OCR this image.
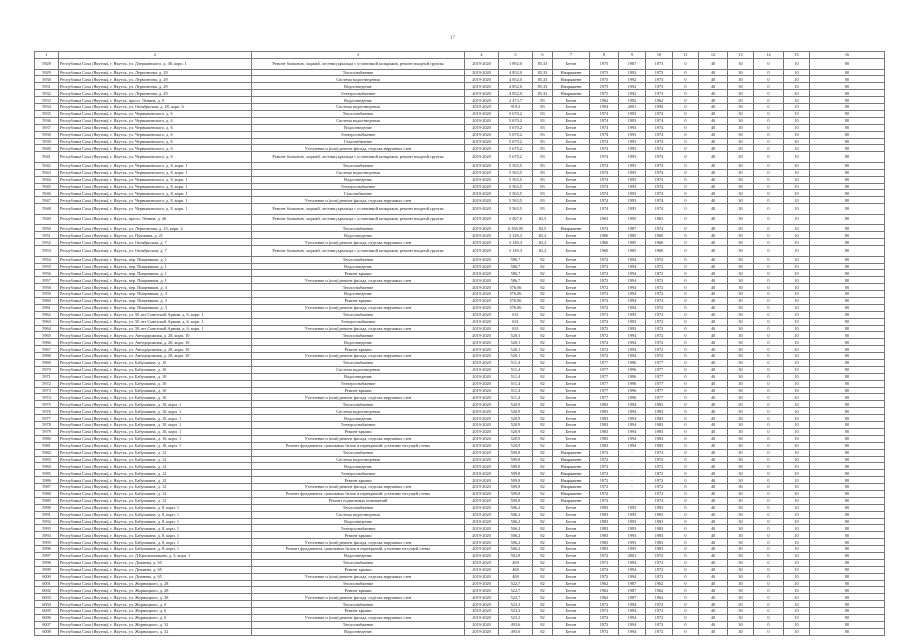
17
1	2	3	4	5	6	7	8	9	10	11	12	13	14	15	16
5928	Республика Саха (Якутия), г. Якутск, ул. Дзержинского, д. 48, корп. 1	Ремонт балконов, лоджий, лестниц крыльца с установкой козырьков, ремонт входной группы	2019-2020	1 892,0	85,33	Бетон	1975	1987	1973	0	40	30	0	10	80
5929	Республика Саха (Якутия), г. Якутск, ул. Лермонтова, д. 29	Теплоснабжение	2019-2020	4 852,0	85,33	Напряженн	1975	1992	1973	0	40	30	0	10	80
5930	Республика Саха (Якутия), г. Якутск, ул. Лермонтова, д. 29	Система водоотведения	2019-2020	4 852,0	85,33	Напряженн	1975	1992	1973	0	40	30	0	10	80
5931	Республика Саха (Якутия), г. Якутск, ул. Лермонтова, д. 29	Водоотведение	2019-2020	4 852,0	85,33	Напряженн	1975	1992	1973	0	40	30	0	10	80
5932	Республика Саха (Якутия), г. Якутск, ул. Лермонтова, д. 29	Электроснабжение	2019-2020	4 852,0	85,33	Напряженн	1975	1992	1973	0	40	30	0	10	80
5933	Республика Саха (Якутия), г. Якутск, просп. Ленина, д. 9	Водоотведение	2019-2020	2 473,7	83	Бетон	1962	1992	1962	0	40	30	0	10	80
5934	Республика Саха (Якутия), г. Якутск, ул. Октябрьская, д. 28, корп. 6	Система водоотведения	2019-2020	919,3	83	Бетон	1994	2001	1994	0	40	30	0	10	80
5935	Республика Саха (Якутия), г. Якутск, ул. Чернышевского, д. 6	Теплоснабжение	2019-2020	5 670,2	83	Бетон	1974	1993	1974	0	40	30	0	10	80
5936	Республика Саха (Якутия), г. Якутск, ул. Чернышевского, д. 6	Система водоотведения	2019-2020	5 670,2	83	Бетон	1974	1993	1974	0	40	30	0	10	80
5937	Республика Саха (Якутия), г. Якутск, ул. Чернышевского, д. 6	Водоотведение	2019-2020	5 670,2	83	Бетон	1974	1993	1974	0	40	30	0	10	80
5938	Республика Саха (Якутия), г. Якутск, ул. Чернышевского, д. 6	Электроснабжение	2019-2020	5 670,2	83	Бетон	1974	1993	1974	0	40	30	0	10	80
5939	Республика Саха (Якутия), г. Якутск, ул. Чернышевского, д. 6	Газоснабжение	2019-2020	5 670,2	83	Бетон	1974	1993	1974	0	40	30	0	10	80
5940	Республика Саха (Якутия), г. Якутск, ул. Чернышевского, д. 6	Утепление и (или) ремонт фасада, отделка наружных стен	2019-2020	5 670,2	83	Бетон	1974	1993	1974	0	40	30	0	10	80
5941	Республика Саха (Якутия), г. Якутск, ул. Чернышевского, д. 6	Ремонт балконов, лоджий, лестниц крыльца с установкой козырьков, ремонт входной группы	2019-2020	5 670,2	83	Бетон	1974	1993	1974	0	40	30	0	10	80
5942	Республика Саха (Якутия), г. Якутск, ул. Чернышевского, д. 8, корп. 1	Теплоснабжение	2019-2020	5 563,5	83	Бетон	1974	1993	1974	0	40	30	0	10	80
5943	Республика Саха (Якутия), г. Якутск, ул. Чернышевского, д. 8, корп. 1	Система водоотведения	2019-2020	5 563,5	83	Бетон	1974	1993	1974	0	40	30	0	10	80
5944	Республика Саха (Якутия), г. Якутск, ул. Чернышевского, д. 8, корп. 1	Водоотведение	2019-2020	5 563,5	83	Бетон	1974	1993	1974	0	40	30	0	10	80
5945	Республика Саха (Якутия), г. Якутск, ул. Чернышевского, д. 8, корп. 1	Электроснабжение	2019-2020	5 563,5	83	Бетон	1974	1993	1974	0	40	30	0	10	80
5946	Республика Саха (Якутия), г. Якутск, ул. Чернышевского, д. 8, корп. 1	Газоснабжение	2019-2020	5 563,5	83	Бетон	1974	1993	1974	0	40	30	0	10	80
5947	Республика Саха (Якутия), г. Якутск, ул. Чернышевского, д. 8, корп. 1	Утепление и (или) ремонт фасада, отделка наружных стен	2019-2020	5 563,5	83	Бетон	1974	1993	1974	0	40	30	0	10	80
5948	Республика Саха (Якутия), г. Якутск, ул. Чернышевского, д. 8, корп. 1	Ремонт балконов, лоджий, лестниц крыльца с установкой козырьков, ремонт входной группы	2019-2020	5 563,5	83	Бетон	1974	1993	1974	0	40	30	0	10	80
5949	Республика Саха (Якутия), г. Якутск, просп. Ленина, д. 46	Ремонт балконов, лоджий, лестниц крыльца с установкой козырьков, ремонт входной группы	2019-2020	3 467,6	82,5	Бетон	1963	1995	1963	0	40	30	0	10	80
5950	Республика Саха (Якутия), г. Якутск, ул. Лермонтова, д. 23, корп. 2	Теплоснабжение	2019-2020	6 356,95	82,5	Напряженн	1974	1987	1974	0	40	30	0	10	80
5951	Республика Саха (Якутия), г. Якутск, ул. Пушкина, д. 21	Водоотведение	2019-2020	3 149,3	82,2	Бетон	1960	1985	1960	0	40	30	0	10	80
5952	Республика Саха (Якутия), г. Якутск, ул. Октябрьская, д. 7	Утепление и (или) ремонт фасада, отделка наружных стен	2019-2020	3 149,3	82,2	Бетон	1960	1985	1960	0	40	30	0	10	80
5953	Республика Саха (Якутия), г. Якутск, ул. Октябрьская, д. 7	Ремонт балконов, лоджий, лестниц крыльца с установкой козырьков, ремонт входной группы	2019-2020	3 149,3	82,2	Бетон	1960	1985	1960	0	40	30	0	10	80
5954	Республика Саха (Якутия), г. Якутск, пер. Пищевиков, д. 1	Теплоснабжение	2019-2020	586,7	82	Бетон	1972	1994	1972	0	40	30	0	10	80
5955	Республика Саха (Якутия), г. Якутск, пер. Пищевиков, д. 1	Водоотведение	2019-2020	586,7	82	Бетон	1972	1994	1972	0	40	30	0	10	80
5956	Республика Саха (Якутия), г. Якутск, пер. Пищевиков, д. 1	Ремонт крыши	2019-2020	586,7	82	Бетон	1972	1994	1972	0	40	30	0	10	80
5957	Республика Саха (Якутия), г. Якутск, пер. Пищевиков, д. 1	Утепление и (или) ремонт фасада, отделка наружных стен	2019-2020	586,7	82	Бетон	1972	1994	1972	0	40	30	0	10	80
5958	Республика Саха (Якутия), г. Якутск, пер. Пищевиков, д. 3	Теплоснабжение	2019-2020	576,06	82	Бетон	1972	1994	1972	0	40	30	0	10	80
5959	Республика Саха (Якутия), г. Якутск, пер. Пищевиков, д. 3	Водоотведение	2019-2020	576,06	82	Бетон	1972	1994	1972	0	40	30	0	10	80
5960	Республика Саха (Якутия), г. Якутск, пер. Пищевиков, д. 3	Ремонт крыши	2019-2020	576,06	82	Бетон	1972	1994	1972	0	40	30	0	10	80
5961	Республика Саха (Якутия), г. Якутск, пер. Пищевиков, д. 3	Утепление и (или) ремонт фасада, отделка наружных стен	2019-2020	576,06	82	Бетон	1972	1994	1972	0	40	30	0	10	80
5962	Республика Саха (Якутия), г. Якутск, ул. 50 лет Советской Армии, д. 6, корп. 1	Теплоснабжение	2019-2020	631	82	Бетон	1972	1993	1972	0	40	30	0	10	80
5963	Республика Саха (Якутия), г. Якутск, ул. 50 лет Советской Армии, д. 6, корп. 1	Электроснабжение	2019-2020	631	82	Бетон	1972	1993	1972	0	40	30	0	10	80
5964	Республика Саха (Якутия), г. Якутск, ул. 50 лет Советской Армии, д. 6, корп. 1	Утепление и (или) ремонт фасада, отделка наружных стен	2019-2020	631	82	Бетон	1972	1993	1972	0	40	30	0	10	80
5965	Республика Саха (Якутия), г. Якутск, ул. Автодорожная, д. 28, корп. 10	Теплоснабжение	2019-2020	520,1	82	Бетон	1972	1994	1972	0	40	30	0	10	80
5966	Республика Саха (Якутия), г. Якутск, ул. Автодорожная, д. 28, корп. 10	Водоотведение	2019-2020	520,1	82	Бетон	1972	1994	1972	0	40	30	0	10	80
5967	Республика Саха (Якутия), г. Якутск, ул. Автодорожная, д. 28, корп. 10	Ремонт крыши	2019-2020	520,1	82	Бетон	1972	1994	1972	0	40	30	0	10	80
5968	Республика Саха (Якутия), г. Якутск, ул. Автодорожная, д. 28, корп. 10	Утепление и (или) ремонт фасада, отделка наружных стен	2019-2020	520,1	82	Бетон	1972	1994	1972	0	40	30	0	10	80
5969	Республика Саха (Якутия), г. Якутск, ул. Бабушкина, д. 10	Теплоснабжение	2019-2020	511,4	82	Бетон	1977	1996	1977	0	40	30	0	10	80
5970	Республика Саха (Якутия), г. Якутск, ул. Бабушкина, д. 10	Система водоотведения	2019-2020	511,4	82	Бетон	1977	1996	1977	0	40	30	0	10	80
5971	Республика Саха (Якутия), г. Якутск, ул. Бабушкина, д. 10	Водоотведение	2019-2020	511,4	82	Бетон	1977	1996	1977	0	40	30	0	10	80
5972	Республика Саха (Якутия), г. Якутск, ул. Бабушкина, д. 10	Электроснабжение	2019-2020	511,4	82	Бетон	1977	1996	1977	0	40	30	0	10	80
5973	Республика Саха (Якутия), г. Якутск, ул. Бабушкина, д. 10	Ремонт крыши	2019-2020	511,4	82	Бетон	1977	1996	1977	0	40	30	0	10	80
5974	Республика Саха (Якутия), г. Якутск, ул. Бабушкина, д. 10	Утепление и (или) ремонт фасада, отделка наружных стен	2019-2020	511,4	82	Бетон	1977	1996	1977	0	40	30	0	10	80
5975	Республика Саха (Якутия), г. Якутск, ул. Бабушкина, д. 10, корп. 1	Теплоснабжение	2019-2020	520,9	82	Бетон	1983	1994	1983	0	40	30	0	10	80
5976	Республика Саха (Якутия), г. Якутск, ул. Бабушкина, д. 10, корп. 1	Система водоотведения	2019-2020	520,9	82	Бетон	1983	1994	1983	0	40	30	0	10	80
5977	Республика Саха (Якутия), г. Якутск, ул. Бабушкина, д. 10, корп. 1	Водоотведение	2019-2020	520,9	82	Бетон	1983	1994	1983	0	40	30	0	10	80
5978	Республика Саха (Якутия), г. Якутск, ул. Бабушкина, д. 10, корп. 1	Электроснабжение	2019-2020	520,9	82	Бетон	1983	1994	1983	0	40	30	0	10	80
5979	Республика Саха (Якутия), г. Якутск, ул. Бабушкина, д. 10, корп. 1	Ремонт крыши	2019-2020	520,9	82	Бетон	1983	1994	1983	0	40	30	0	10	80
5980	Республика Саха (Якутия), г. Якутск, ул. Бабушкина, д. 10, корп. 1	Утепление и (или) ремонт фасада, отделка наружных стен	2019-2020	520,9	82	Бетон	1983	1994	1983	0	40	30	0	10	80
5981	Республика Саха (Якутия), г. Якутск, ул. Бабушкина, д. 10, корп. 1	Ремонт фундамента, цокольных балок и перекрытий, усиление несущей стены	2019-2020	520,9	82	Бетон	1983	1994	1983	0	40	30	0	10	80
5982	Республика Саха (Якутия), г. Якутск, ул. Бабушкина, д. 12	Теплоснабжение	2019-2020	509,8	82	Напряженн	1972	-	1972	0	40	30	0	10	80
5983	Республика Саха (Якутия), г. Якутск, ул. Бабушкина, д. 12	Система водоотведения	2019-2020	509,8	82	Напряженн	1972	-	1972	0	40	30	0	10	80
5984	Республика Саха (Якутия), г. Якутск, ул. Бабушкина, д. 12	Водоотведение	2019-2020	509,8	82	Напряженн	1972	-	1972	0	40	30	0	10	80
5985	Республика Саха (Якутия), г. Якутск, ул. Бабушкина, д. 12	Электроснабжение	2019-2020	509,8	82	Напряженн	1972	-	1972	0	40	30	0	10	80
5986	Республика Саха (Якутия), г. Якутск, ул. Бабушкина, д. 12	Ремонт крыши	2019-2020	509,8	82	Напряженн	1972	-	1972	0	40	30	0	10	80
5987	Республика Саха (Якутия), г. Якутск, ул. Бабушкина, д. 12	Утепление и (или) ремонт фасада, отделка наружных стен	2019-2020	509,8	82	Напряженн	1972	-	1972	0	40	30	0	10	80
5988	Республика Саха (Якутия), г. Якутск, ул. Бабушкина, д. 12	Ремонт фундамента, цокольных балок и перекрытий, усиление несущей стены	2019-2020	509,8	82	Напряженн	1972	-	1972	0	40	30	0	10	80
5989	Республика Саха (Якутия), г. Якутск, ул. Бабушкина, д. 12	Ремонт подвальных помещений	2019-2020	509,8	82	Напряженн	1972	-	1972	0	40	30	0	10	80
5990	Республика Саха (Якутия), г. Якутск, ул. Бабушкина, д. 8, корп. 1	Теплоснабжение	2019-2020	506,2	82	Бетон	1983	1993	1983	0	40	30	0	10	80
5991	Республика Саха (Якутия), г. Якутск, ул. Бабушкина, д. 8, корп. 1	Система водоотведения	2019-2020	506,2	82	Бетон	1983	1993	1983	0	40	30	0	10	80
5992	Республика Саха (Якутия), г. Якутск, ул. Бабушкина, д. 8, корп. 1	Водоотведение	2019-2020	506,2	82	Бетон	1983	1993	1983	0	40	30	0	10	80
5993	Республика Саха (Якутия), г. Якутск, ул. Бабушкина, д. 8, корп. 1	Электроснабжение	2019-2020	506,2	82	Бетон	1983	1993	1983	0	40	30	0	10	80
5994	Республика Саха (Якутия), г. Якутск, ул. Бабушкина, д. 8, корп. 1	Ремонт крыши	2019-2020	506,2	82	Бетон	1983	1993	1983	0	40	30	0	10	80
5995	Республика Саха (Якутия), г. Якутск, ул. Бабушкина, д. 8, корп. 1	Утепление и (или) ремонт фасада, отделка наружных стен	2019-2020	506,2	82	Бетон	1983	1993	1983	0	40	30	0	10	80
5996	Республика Саха (Якутия), г. Якутск, ул. Бабушкина, д. 8, корп. 1	Ремонт фундамента, цокольных балок и перекрытий, усиление несущей стены	2019-2020	506,2	82	Бетон	1983	1993	1983	0	40	30	0	10	80
5997	Республика Саха (Якутия), г. Якутск, ул. Д.Красильникова, д. 3, корп. 1	Водоотведение	2019-2020	502,8	82	Бетон	1972	2001	1972	0	40	30	0	10	80
5998	Республика Саха (Якутия), г. Якутск, ул. Дежнева, д. 65	Теплоснабжение	2019-2020	469	82	Бетон	1972	1994	1972	0	40	30	0	10	80
5999	Республика Саха (Якутия), г. Якутск, ул. Дежнева, д. 65	Ремонт крыши	2019-2020	469	82	Бетон	1972	1994	1972	0	40	30	0	10	80
6000	Республика Саха (Якутия), г. Якутск, ул. Дежнева, д. 65	Утепление и (или) ремонт фасада, отделка наружных стен	2019-2020	469	82	Бетон	1972	1994	1972	0	40	30	0	10	80
6001	Республика Саха (Якутия), г. Якутск, ул. Жорницкого, д. 28	Теплоснабжение	2019-2020	522,7	82	Бетон	1962	1987	1962	0	40	30	0	10	80
6002	Республика Саха (Якутия), г. Якутск, ул. Жорницкого, д. 28	Ремонт крыши	2019-2020	522,7	82	Бетон	1962	1987	1962	0	40	30	0	10	80
6003	Республика Саха (Якутия), г. Якутск, ул. Жорницкого, д. 28	Утепление и (или) ремонт фасада, отделка наружных стен	2019-2020	522,7	82	Бетон	1962	1987	1962	0	40	30	0	10	80
6004	Республика Саха (Якутия), г. Якутск, ул. Жорницкого, д. 6	Теплоснабжение	2019-2020	523,3	82	Бетон	1972	1994	1972	0	40	30	0	10	80
6005	Республика Саха (Якутия), г. Якутск, ул. Жорницкого, д. 6	Ремонт крыши	2019-2020	523,3	82	Бетон	1972	1994	1972	0	40	30	0	10	80
6006	Республика Саха (Якутия), г. Якутск, ул. Жорницкого, д. 6	Утепление и (или) ремонт фасада, отделка наружных стен	2019-2020	523,3	82	Бетон	1972	1994	1972	0	40	30	0	10	80
6007	Республика Саха (Якутия), г. Якутск, ул. Жорницкого, д. 32	Теплоснабжение	2019-2020	493,6	82	Бетон	1972	1994	1972	0	40	30	0	10	80
6008	Республика Саха (Якутия), г. Якутск, ул. Жорницкого, д. 32	Водоотведение	2019-2020	493,6	82	Бетон	1972	1994	1972	0	40	30	0	10	80
